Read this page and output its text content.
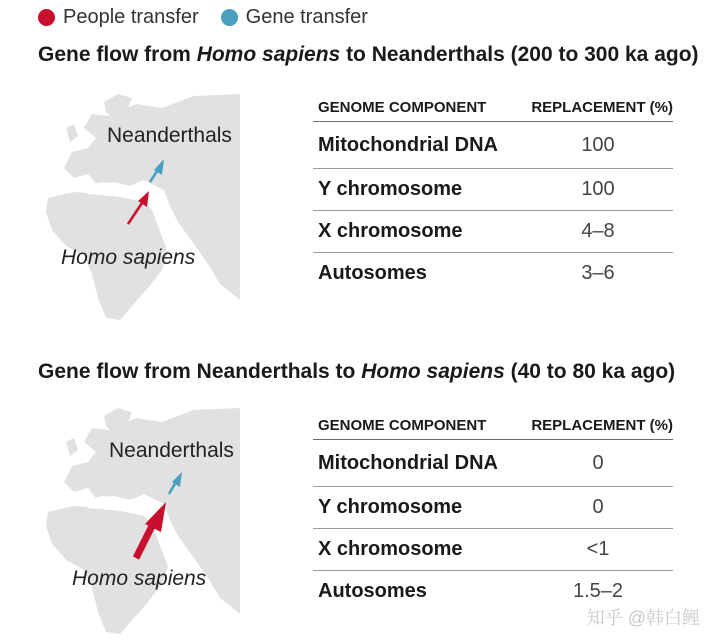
People transfer Gene transfer
Gene flow from Homo sapiens to Neanderthals (200 to 300 ka ago)
Neanderthals
Homo sapiens
GENOME COMPONENT	REPLACEMENT (%)
Mitochondrial DNA	100
Y chromosome	100
X chromosome	4–8
Autosomes	3–6
Gene flow from Neanderthals to Homo sapiens (40 to 80 ka ago)
Neanderthals
Homo sapiens
GENOME COMPONENT	REPLACEMENT (%)
Mitochondrial DNA	0
Y chromosome	0
X chromosome	<1
Autosomes	1.5–2
知乎 @韩白鲤
